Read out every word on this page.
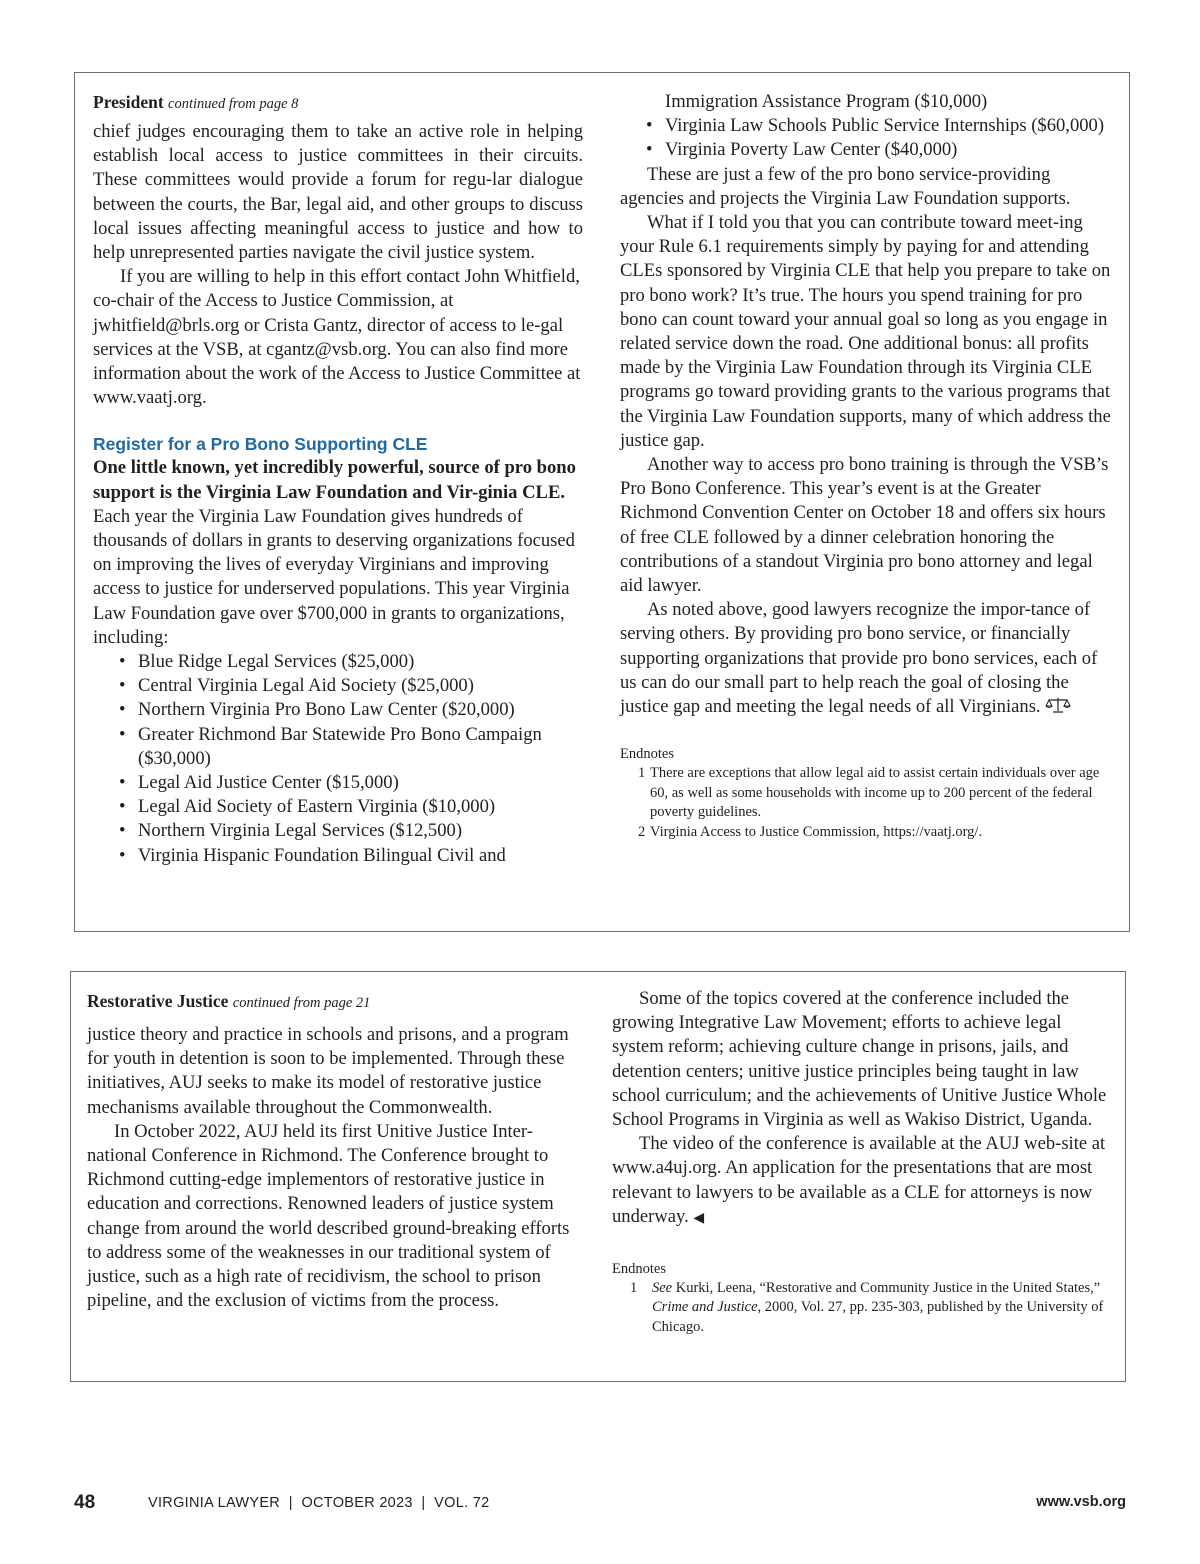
President continued from page 8

chief judges encouraging them to take an active role in helping establish local access to justice committees in their circuits. These committees would provide a forum for regu-lar dialogue between the courts, the Bar, legal aid, and other groups to discuss local issues affecting meaningful access to justice and how to help unrepresented parties navigate the civil justice system.

If you are willing to help in this effort contact John Whitfield, co-chair of the Access to Justice Commission, at jwhitfield@brls.org or Crista Gantz, director of access to le-gal services at the VSB, at cgantz@vsb.org. You can also find more information about the work of the Access to Justice Committee at www.vaatj.org.

Register for a Pro Bono Supporting CLE

One little known, yet incredibly powerful, source of pro bono support is the Virginia Law Foundation and Vir-ginia CLE. Each year the Virginia Law Foundation gives hundreds of thousands of dollars in grants to deserving organizations focused on improving the lives of everyday Virginians and improving access to justice for underserved populations. This year Virginia Law Foundation gave over $700,000 in grants to organizations, including:

• Blue Ridge Legal Services ($25,000)
• Central Virginia Legal Aid Society ($25,000)
• Northern Virginia Pro Bono Law Center ($20,000)
• Greater Richmond Bar Statewide Pro Bono Campaign ($30,000)
• Legal Aid Justice Center ($15,000)
• Legal Aid Society of Eastern Virginia ($10,000)
• Northern Virginia Legal Services ($12,500)
• Virginia Hispanic Foundation Bilingual Civil and
Immigration Assistance Program ($10,000)
• Virginia Law Schools Public Service Internships ($60,000)
• Virginia Poverty Law Center ($40,000)

These are just a few of the pro bono service-providing agencies and projects the Virginia Law Foundation supports.

What if I told you that you can contribute toward meet-ing your Rule 6.1 requirements simply by paying for and attending CLEs sponsored by Virginia CLE that help you prepare to take on pro bono work? It’s true. The hours you spend training for pro bono can count toward your annual goal so long as you engage in related service down the road. One additional bonus: all profits made by the Virginia Law Foundation through its Virginia CLE programs go toward providing grants to the various programs that the Virginia Law Foundation supports, many of which address the justice gap.

Another way to access pro bono training is through the VSB’s Pro Bono Conference. This year’s event is at the Greater Richmond Convention Center on October 18 and offers six hours of free CLE followed by a dinner celebration honoring the contributions of a standout Virginia pro bono attorney and legal aid lawyer.

As noted above, good lawyers recognize the impor-tance of serving others. By providing pro bono service, or financially supporting organizations that provide pro bono services, each of us can do our small part to help reach the goal of closing the justice gap and meeting the legal needs of all Virginians.

Endnotes
1 There are exceptions that allow legal aid to assist certain individuals over age 60, as well as some households with income up to 200 percent of the federal poverty guidelines.
2 Virginia Access to Justice Commission, https://vaatj.org/.
Restorative Justice continued from page 21

justice theory and practice in schools and prisons, and a program for youth in detention is soon to be implemented. Through these initiatives, AUJ seeks to make its model of restorative justice mechanisms available throughout the Commonwealth.

In October 2022, AUJ held its first Unitive Justice Inter-national Conference in Richmond. The Conference brought to Richmond cutting-edge implementors of restorative justice in education and corrections. Renowned leaders of justice system change from around the world described ground-breaking efforts to address some of the weaknesses in our traditional system of justice, such as a high rate of recidivism, the school to prison pipeline, and the exclusion of victims from the process.

Some of the topics covered at the conference included the growing Integrative Law Movement; efforts to achieve legal system reform; achieving culture change in prisons, jails, and detention centers; unitive justice principles being taught in law school curriculum; and the achievements of Unitive Justice Whole School Programs in Virginia as well as Wakiso District, Uganda.

The video of the conference is available at the AUJ web-site at www.a4uj.org. An application for the presentations that are most relevant to lawyers to be available as a CLE for attorneys is now underway. ◀

Endnotes
1 See Kurki, Leena, “Restorative and Community Justice in the United States,” Crime and Justice, 2000, Vol. 27, pp. 235-303, published by the University of Chicago.
48	VIRGINIA LAWYER  |  OCTOBER 2023  |  VOL. 72	www.vsb.org
